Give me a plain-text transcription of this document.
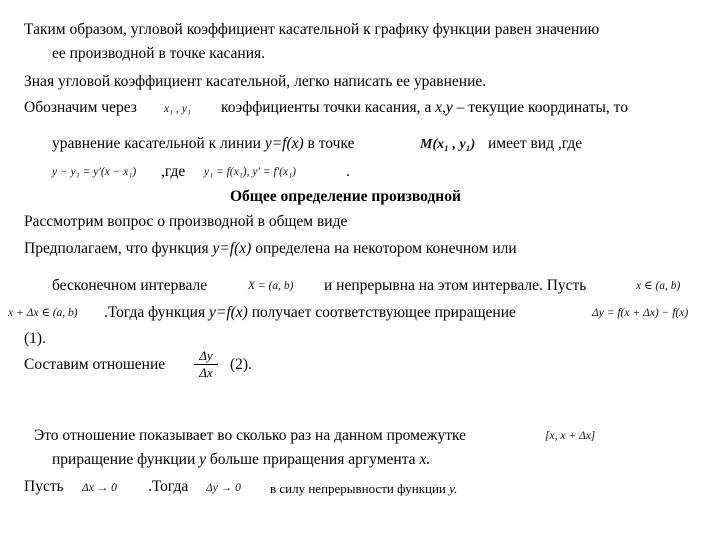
Таким образом, угловой коэффициент касательной к графику функции равен значению
ее производной в точке касания.
Зная угловой коэффициент касательной, легко написать ее уравнение.
Обозначим через x₁ , y₁ коэффициенты точки касания, а x,y – текущие координаты, то
уравнение касательной к линии y=f(x) в точке	M(x₁ , y₁) имеет вид ,где
y − y₁ = y′(x − x₁) ,где y₁ = f(x₁), y′ = f′(x₁)	.
Общее определение производной
Рассмотрим вопрос о производной в общем виде
Предполагаем, что функция y=f(x) определена на некотором конечном или
бесконечном интервале	X = (a, b) и непрерывна на этом интервале. Пусть	x ∈ (a, b)
x + Δx ∈ (a, b) .Тогда функция y=f(x) получает соответствующее приращение	Δy = f(x + Δx) − f(x)
(1).
Составим отношение
Δy
Δx	(2).
Это отношение показывает во сколько раз на данном промежутке	[x, x + Δx]
приращение функции y больше приращения аргумента x.
Пусть Δx → 0 .Тогда Δy → 0 в силу непрерывности функции y.
